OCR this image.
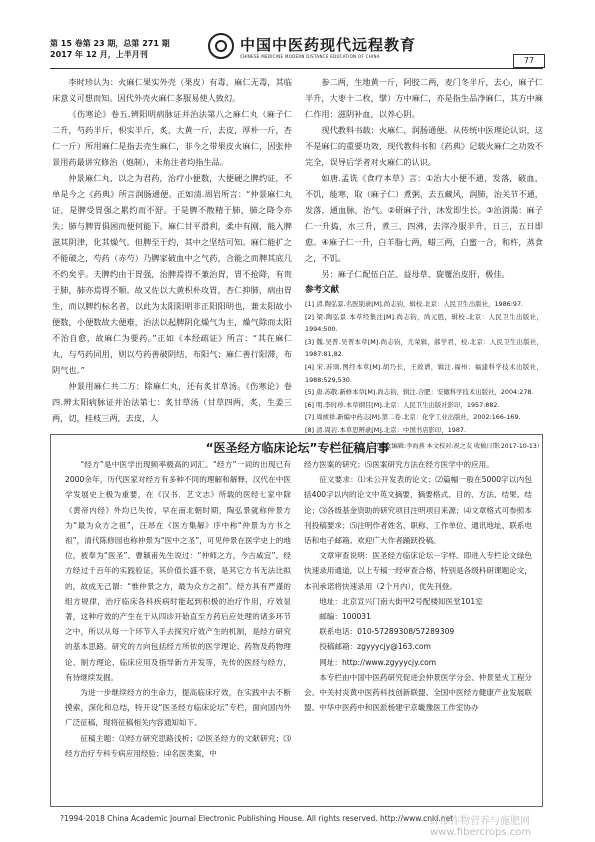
第 15 卷第 23 期，总第 271 期
2017 年 12 月，上半月刊
中国中医药现代远程教育
CHINESE MEDICINE MODERN DISTANCE EDUCATION OF CHINA	77

李时珍认为：火麻仁果实外壳（果皮）有毒，麻仁无毒，其临床意义可想而知。因代外壳火麻仁多服易使人致幻。

《伤寒论》卷五.辨阳明病脉证并治法第八之麻仁丸（麻子仁二升，芍药半斤，枳实半斤，炙，大黄一斤，去皮，厚朴一斤，杏仁一斤）所用麻仁是指去壳生麻仁，非今之带果皮火麻仁，因张仲景用药最讲究修治（炮制），未角注者均指生品。

仲景麻仁丸，以之为君药，治疗小便数，大便硬之脾约证，不单是今之《药典》所言润肠通便。正如清.周岩所言：“仲景麻仁丸证，是脾受胃强之累约而不舒。于是脾不散精于肺，肺之降令亦失；肺与脾胃俱困而便何能下。麻仁甘平滑利，柔中有刚，能入脾滋其阴津，化其燥气。但脾至于约，其中之坚结可知。麻仁能扩之不能破之，芍药（赤芍）乃脾家破血中之气药，合能之而脾其底几不约矣乎。夫脾约由于胃强，治脾焉得不兼治胃，胃不抢降，有贵于肺，肺亦焉得不顺。故又佐以大黄枳朴攻胃，杏仁抑肺，病由胃生，而以脾约标名者，以此为太阳阳明非正阳阳明也，兼太阳故小便数，小便数故大便难，治法以起脾阴化燥气为主，燥气除而太阳不治自愈，故麻仁为要药。”正如《本经疏证》所言：“其在麻仁丸，与芍药同用，则以芍药善破阴结，布阳气；麻仁善行阳滞，布阴气也。”

仲景用麻仁共二方：除麻仁丸，还有炙甘草汤。《伤寒论》卷四.辨太阳病脉证并治法第七：炙甘草汤（甘草四两，炙，生姜三两，切，桂枝三两，去皮，人

参二两，生地黄一斤，阿胶二两，麦门冬半斤，去心，麻子仁半升，大枣十二枚，擘）方中麻仁，亦是指生品净麻仁，其方中麻仁作用：滋阴补血，以养心阴。

现代教科书载：火麻仁，润肠通便。从传统中医理论认识，这不是麻仁的重要功效，现代教科书和《药典》记载火麻仁之功效不完全，误导后学者对火麻仁的认识。

如唐.孟诜《食疗本草》言：①治大小便不通，发落，破血，不饥，能寒，取（麻子仁）煮粥，去五藏风，润肺，治关节不通，发落，通血脉，治气。②研麻子汁，沐发即生长。③治消渴：麻子仁一升捣，水三升，煮三、四沸，去滓冷服半升，日三，五日即愈。④麻子仁一升，白羊脂七两，蜡三两，白蜜一合，和杵，蒸食之，不饥。

另：麻子仁配伍白芷、益母草、旋覆治皮肝，极佳。

参考文献

[1] 清.陶弘景.名医别录[M].尚志钧，辑校.北京：人民卫生出版社，1986:97.
[2] 梁.陶弘景.本草经集注[M].尚志钧，尚元胜，辑校.北京：人民卫生出版社，1994:500.
[3] 魏.吴普.吴普本草[M].尚志钧，尤荣辑，郝学君，校.北京：人民卫生出版社，1987:81,82.
[4] 宋.苏颂.图经本草[M].胡乃长，王致谱，辑注.福州：福建科学技术出版社，1988:529,530.
[5] 唐.苏敬.新修本草[M].尚志钧，辑注.合肥：安徽科学技术出版社，2004:278.
[6] 明.李时珍.本草纲目[M].北京：人民卫生出版社影印，1957:882.
[7] 周祯祥.新编中药志[M].第二卷.北京：化学工业出版社，2002:166-169.
[8] 清.周岩.本草思辨录[M].北京：中国书店影印，1987.
（本文编辑:李海燕 本文校对:祝之友 收稿日期:2017-10-13）
“医圣经方临床论坛”专栏征稿启事

“经方”是中医学出现频率极高的词汇。“经方”一词的出现已有2000余年，历代医家对经方有多种不同的理解和解释，汉代在中医学发展史上极为重要，在《汉书．艺文志》所载的医经七家中除《黄帝内经》外均已失传，早在南北朝时期，陶弘景就称仲景方为“最为众方之祖”，汪昂在《医方集解》序中称“仲景为方书之祖”，清代陈修园也称仲景为“医中之圣”，可见仲景在医学史上的地位，被奉为“医圣”。曹颖甫先生说过：“仲师之方，今古咸宜”。经方经过千百年的实践验证，其价值长盛不衰，是其它方书无法比拟的，故成无己谓：“惟仲景之方，最为众方之祖”。经方具有严谨的组方规律，治疗临床各科疾病时能起到积极的治疗作用，疗效显著，这种疗效的产生在于从四诊开始直至方药后应处理的诸多环节之中，所以从每一个环节入手去探究疗效产生的机制，是经方研究的基本思路。研究的方向包括经方所依的医学理论、药物及药物理论、制方理论、临床应用及指导新方开发等，先传的医经与经方，有待继续发掘。

为进一步继续经方的生命力，提高临床疗效，在实践中去不断摸索，深化和总结，特开设“医圣经方临床论坛”专栏，面向国内外广泛征稿，现将征稿相关内容通知如下。

征稿主题：⑴经方研究思路浅析；⑵医圣经方的文献研究；⑶经方治疗专科专病应用经验；⑷名医类案，中

经方医案的研究；⑸医案研究方法在经方医学中的应用。

征文要求：⑴未公开发表的论文；⑵篇幅一般在5000字以内包括400字以内的论文中英文摘要，摘要格式、目的、方法、结果、结论；⑶各级基金资助的研究项目注明项目来源；⑷文章格式可参照本刊投稿要求；⑸注明作者姓名、职称、工作单位、通讯地址、联系电话和电子邮箱。欢迎广大作者踊跃投稿。

文章审查说明：医圣经方临床论坛－字样。即进入专栏论文绿色快速录用通道，以上专稿一经审查合格，特别是各级科研课题论文，本刊承诺将快速录用（2个月内），优先刊登。

地址：北京宣兴门南大街甲2号配楼知医堂101室

邮编：100031

联系电话：010-57289308/57289309

投稿邮箱：zgyyycjy@163.com

网址：http://www.zgyyycjy.com

本专栏由中国中医药研究促进会仲景医学分会、仲景星火工程分会、中关村炎黄中医药科技创新联盟、全国中医经方健康产业发展联盟、中华中医药中和医派杨建宇京畿豫医工作室协办

?1994-2018 China Academic Journal Electronic Publishing House. All rights reserved. http://www.cnki.net
纤维作物营养与施肥网 www.fibercrops.com
